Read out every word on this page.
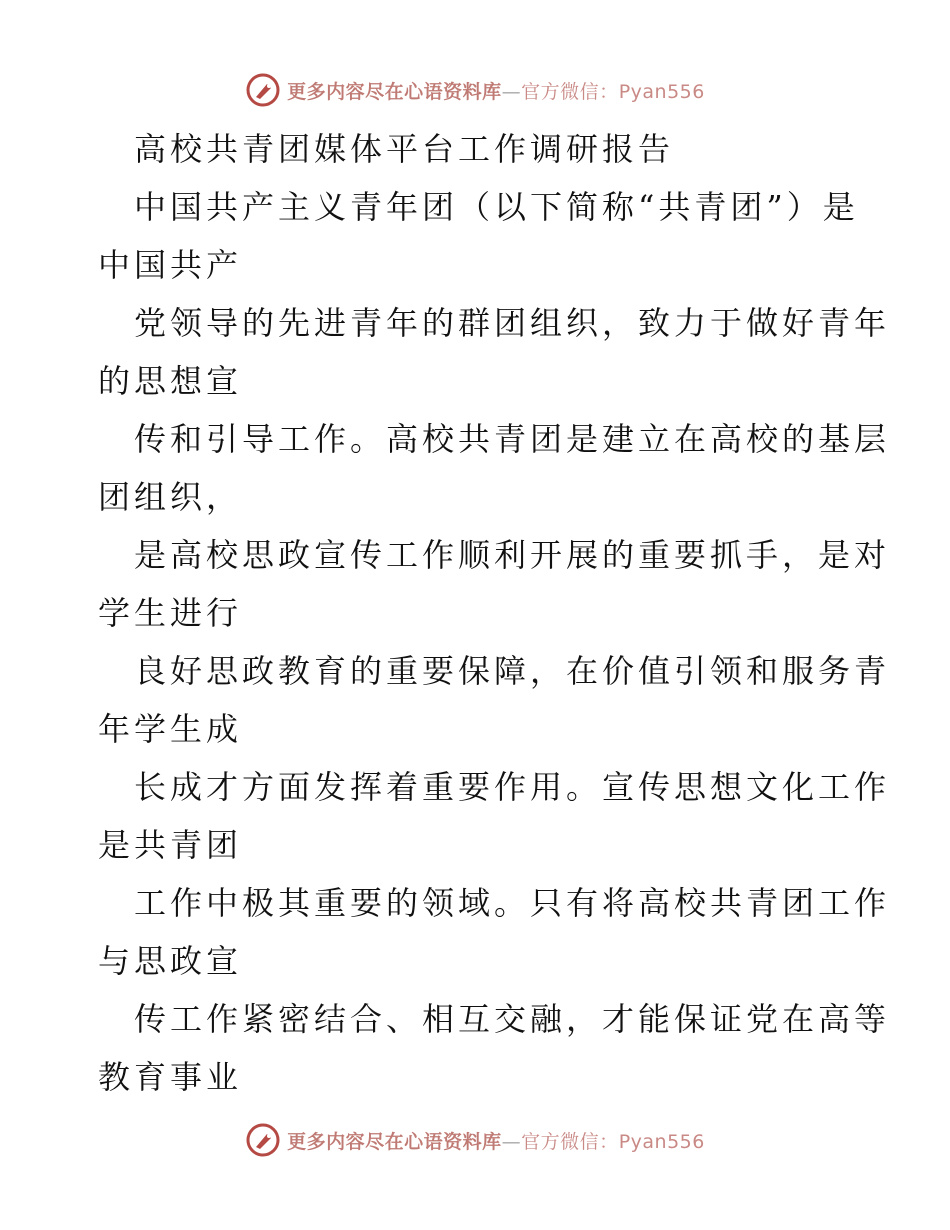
更多内容尽在心语资料库—官方微信：Pyan556
高校共青团媒体平台工作调研报告
中国共产主义青年团（以下简称“共青团”）是
中国共产
党领导的先进青年的群团组织，致力于做好青年
的思想宣
传和引导工作。高校共青团是建立在高校的基层
团组织，
是高校思政宣传工作顺利开展的重要抓手，是对
学生进行
良好思政教育的重要保障，在价值引领和服务青
年学生成
长成才方面发挥着重要作用。宣传思想文化工作
是共青团
工作中极其重要的领域。只有将高校共青团工作
与思政宣
传工作紧密结合、相互交融，才能保证党在高等
教育事业
更多内容尽在心语资料库—官方微信：Pyan556
